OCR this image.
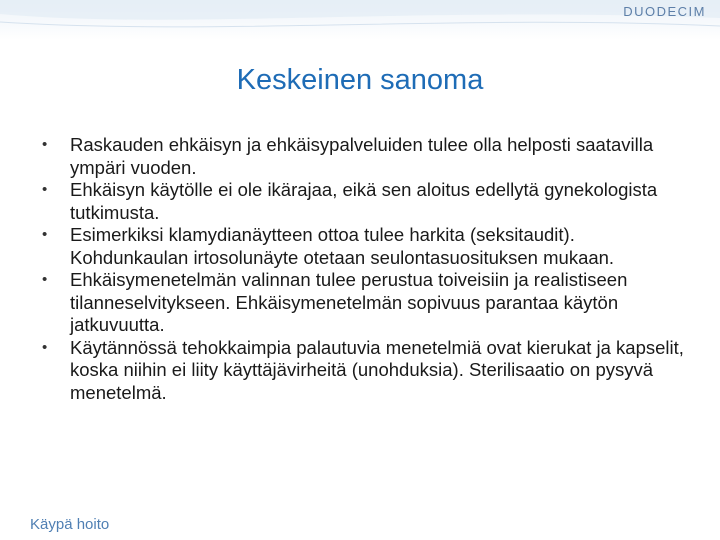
DUODECIM
Keskeinen sanoma
• Raskauden ehkäisyn ja ehkäisypalveluiden tulee olla helposti saatavilla ympäri vuoden.
• Ehkäisyn käytölle ei ole ikärajaa, eikä sen aloitus edellytä gynekologista tutkimusta.
• Esimerkiksi klamydianäytteen ottoa tulee harkita (seksitaudit). Kohdunkaulan irtosolunäyte otetaan seulontasuosituksen mukaan.
• Ehkäisymenetelmän valinnan tulee perustua toiveisiin ja realistiseen tilanneselvitykseen. Ehkäisymenetelmän sopivuus parantaa käytön jatkuvuutta.
• Käytännössä tehokkaimpia palautuvia menetelmiä ovat kierukat ja kapselit, koska niihin ei liity käyttäjävirheitä (unohduksia). Sterilisaatio on pysyvä menetelmä.
Käypä hoito
